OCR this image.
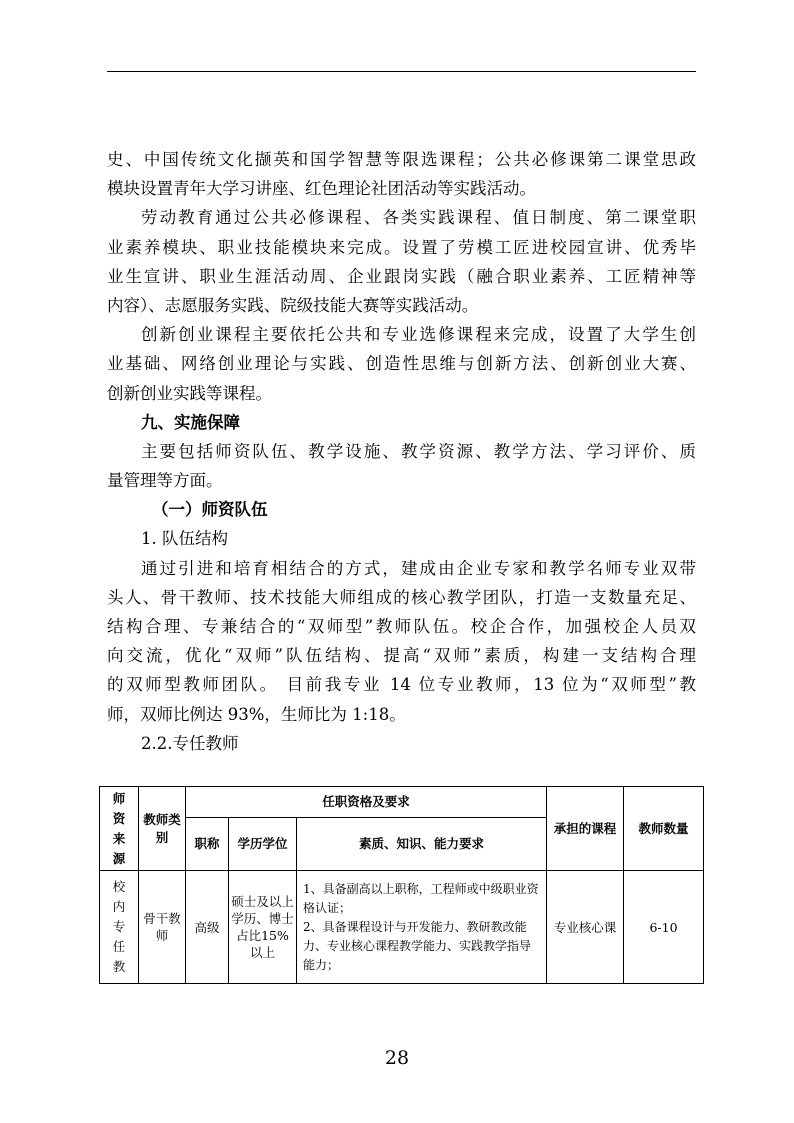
史、中国传统文化撷英和国学智慧等限选课程；公共必修课第二课堂思政
模块设置青年大学习讲座、红色理论社团活动等实践活动。
劳动教育通过公共必修课程、各类实践课程、值日制度、第二课堂职
业素养模块、职业技能模块来完成。设置了劳模工匠进校园宣讲、优秀毕
业生宣讲、职业生涯活动周、企业跟岗实践（融合职业素养、工匠精神等
内容）、志愿服务实践、院级技能大赛等实践活动。
创新创业课程主要依托公共和专业选修课程来完成，设置了大学生创
业基础、网络创业理论与实践、创造性思维与创新方法、创新创业大赛、
创新创业实践等课程。
九、实施保障
主要包括师资队伍、教学设施、教学资源、教学方法、学习评价、质
量管理等方面。
（一）师资队伍
1. 队伍结构
通过引进和培育相结合的方式，建成由企业专家和教学名师专业双带
头人、骨干教师、技术技能大师组成的核心教学团队，打造一支数量充足、
结构合理、专兼结合的“双师型”教师队伍。校企合作，加强校企人员双
向交流，优化“双师”队伍结构、提高“双师”素质，构建一支结构合理
的双师型教师团队。 目前我专业 14 位专业教师，13 位为“双师型”教
师，双师比例达 93%，生师比为 1:18。
2.2.专任教师
师资来源	教师类别	任职资格及要求			承担的课程	教师数量
		职称	学历学位	素质、知识、能力要求		

校内专任教	骨干教师	高级	硕士及以上学历、博士占比15%以上	1、具备副高以上职称，工程师或中级职业资格认证；
2、具备课程设计与开发能力、教研教改能力、专业核心课程教学能力、实践教学指导能力；	专业核心课	6-10
28
